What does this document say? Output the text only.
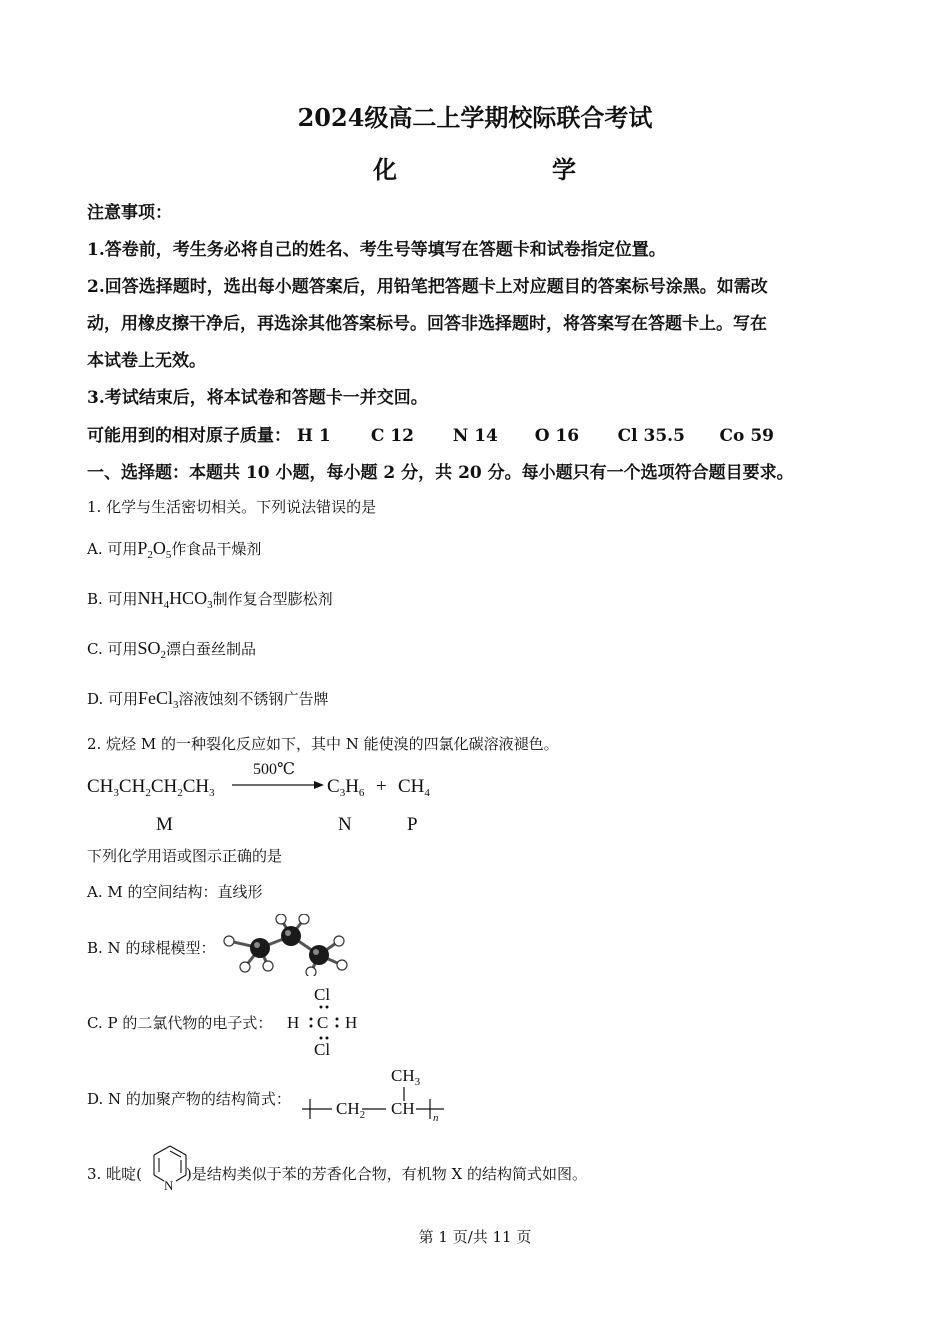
2024级高二上学期校际联合考试
化	学
注意事项：
1.答卷前，考生务必将自己的姓名、考生号等填写在答题卡和试卷指定位置。
2.回答选择题时，选出每小题答案后，用铅笔把答题卡上对应题目的答案标号涂黑。如需改
动，用橡皮擦干净后，再选涂其他答案标号。回答非选择题时，将答案写在答题卡上。写在
本试卷上无效。
3.考试结束后，将本试卷和答题卡一并交回。
可能用到的相对原子质量： H 1 C 12 N 14 O 16 Cl 35.5 Co 59
一、选择题：本题共 10 小题，每小题 2 分，共 20 分。每小题只有一个选项符合题目要求。
1. 化学与生活密切相关。下列说法错误的是
A. 可用$P_2O_5$作食品干燥剂
B. 可用$NH_4HCO_3$制作复合型膨松剂
C. 可用$SO_2$漂白蚕丝制品
D. 可用FeCl$_3$溶液蚀刻不锈钢广告牌
2. 烷烃 M 的一种裂化反应如下，其中 N 能使溴的四氯化碳溶液褪色。
$CH_3CH_2CH_2CH_3$
500℃
$C_3H_6 + CH_4$
M	N	P
下列化学用语或图示正确的是
A. M 的空间结构：直线形
B. N 的球棍模型：
C. P 的二氯代物的电子式：
Cl
H C H
Cl
D. N 的加聚产物的结构简式：
$CH_3$
$CH_2$ CH n
3. 吡啶(	)是结构类似于苯的芳香化合物，有机物 X 的结构简式如图。
N
第 1 页/共 11 页
